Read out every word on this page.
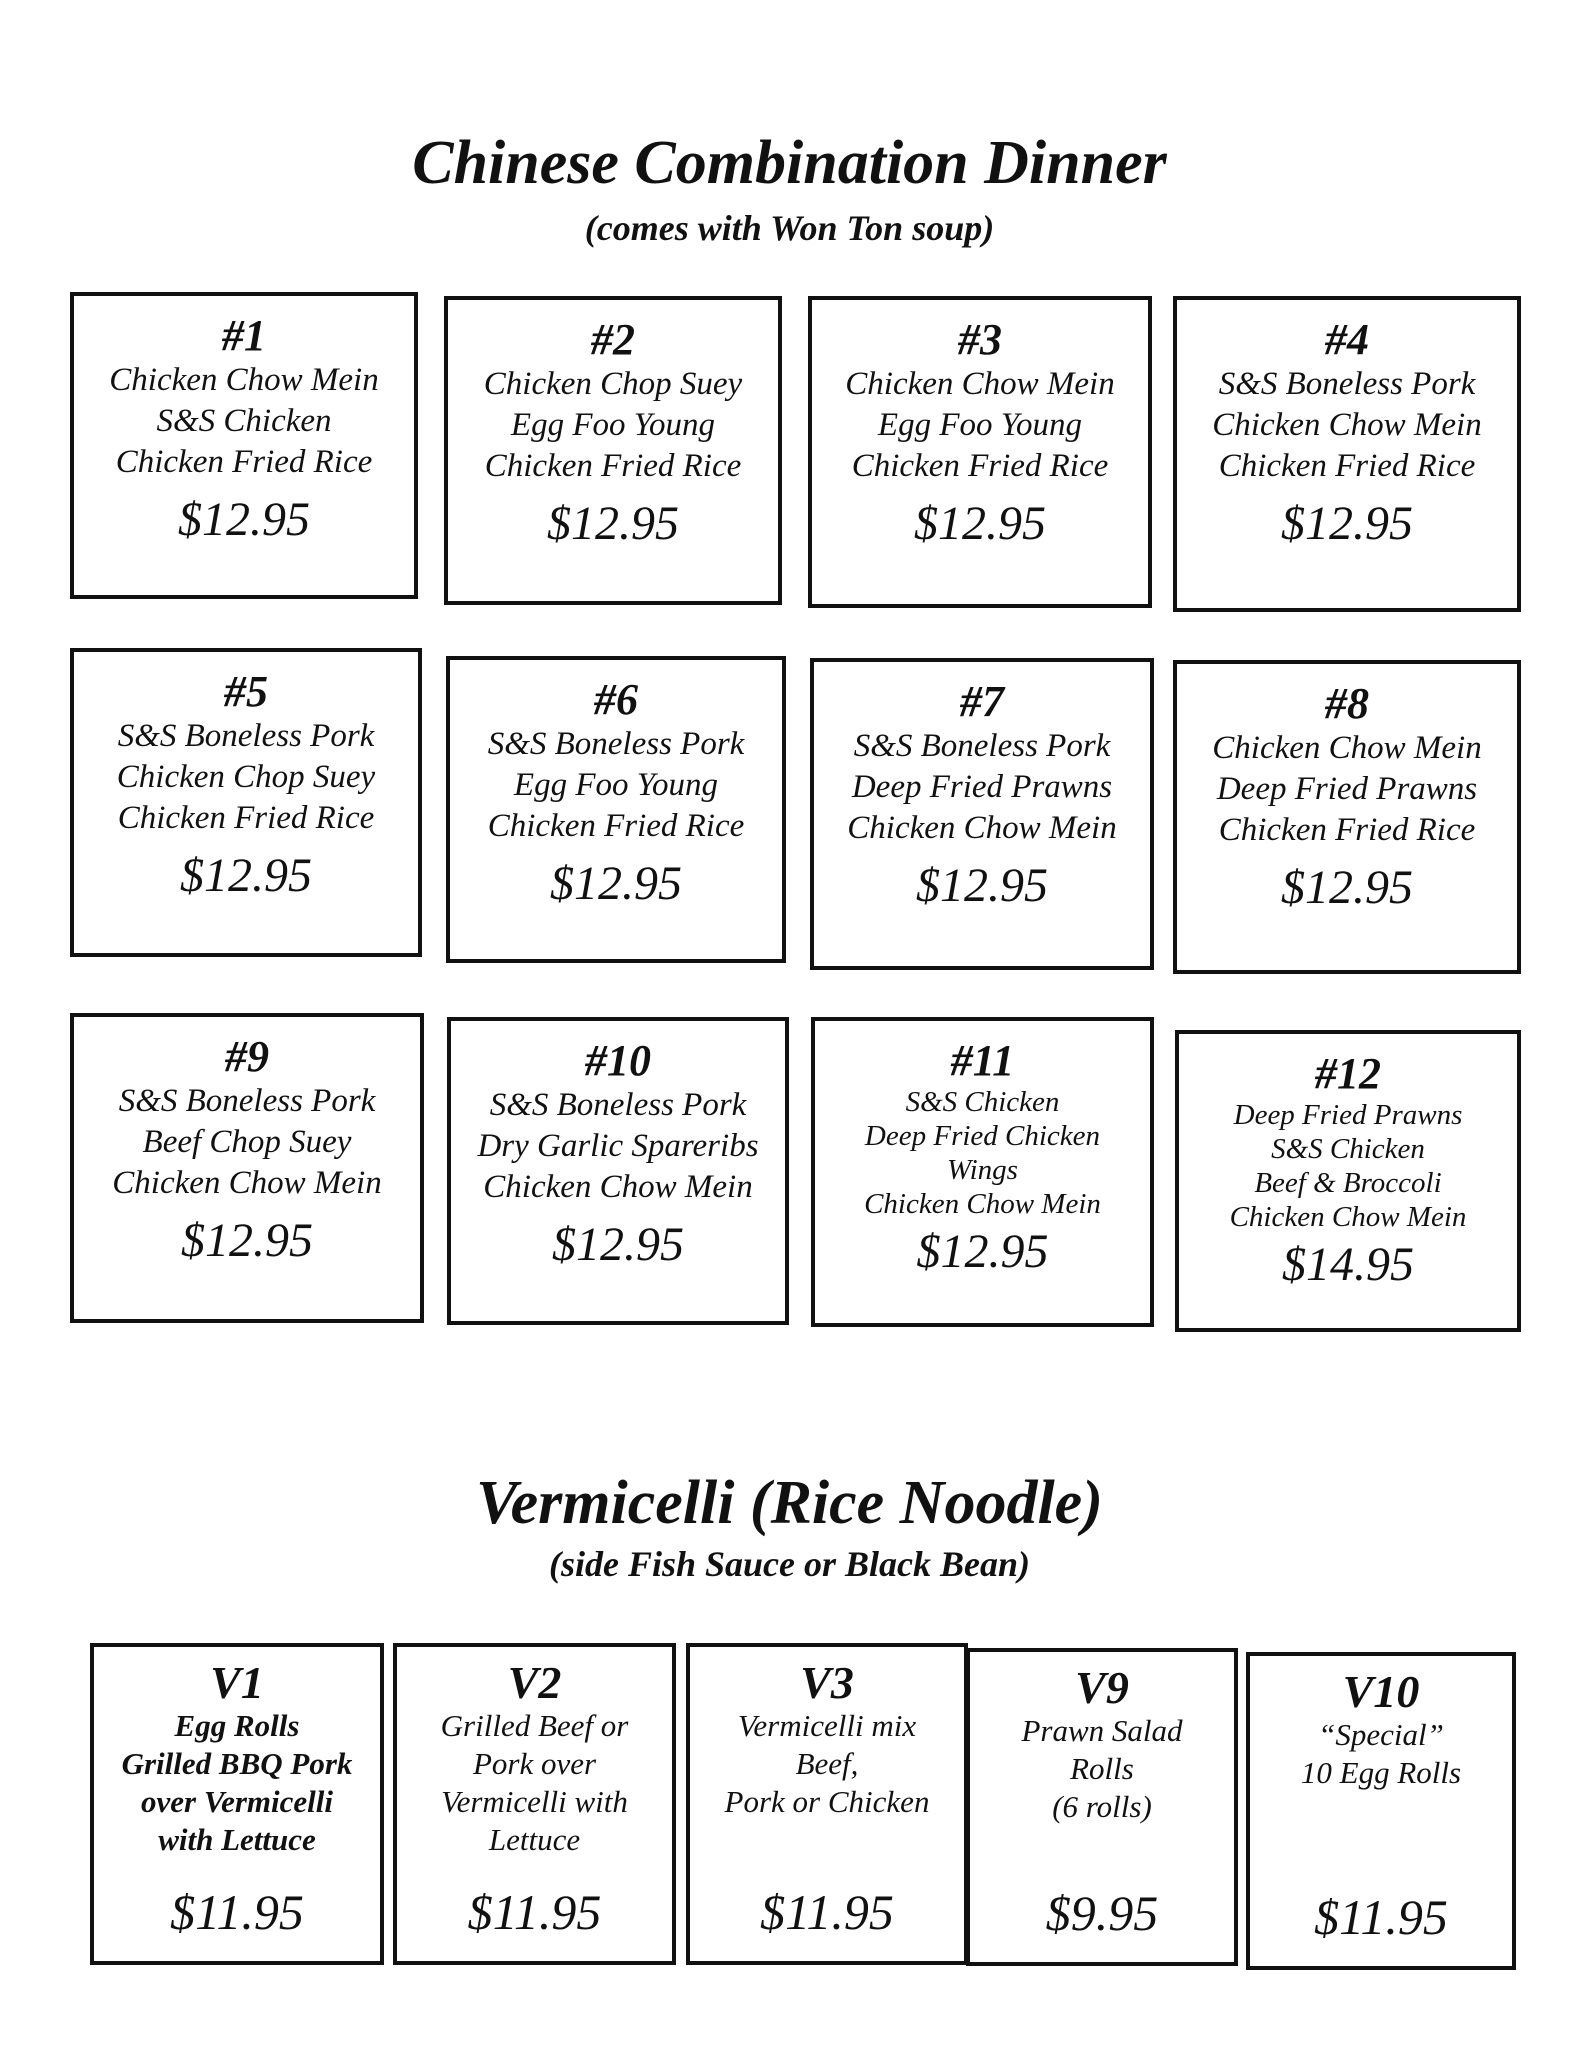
Chinese Combination Dinner
(comes with Won Ton soup)
#1
Chicken Chow Mein
S&S Chicken
Chicken Fried Rice
$12.95
#2
Chicken Chop Suey
Egg Foo Young
Chicken Fried Rice
$12.95
#3
Chicken Chow Mein
Egg Foo Young
Chicken Fried Rice
$12.95
#4
S&S Boneless Pork
Chicken Chow Mein
Chicken Fried Rice
$12.95
#5
S&S Boneless Pork
Chicken Chop Suey
Chicken Fried Rice
$12.95
#6
S&S Boneless Pork
Egg Foo Young
Chicken Fried Rice
$12.95
#7
S&S Boneless Pork
Deep Fried Prawns
Chicken Chow Mein
$12.95
#8
Chicken Chow Mein
Deep Fried Prawns
Chicken Fried Rice
$12.95
#9
S&S Boneless Pork
Beef Chop Suey
Chicken Chow Mein
$12.95
#10
S&S Boneless Pork
Dry Garlic Spareribs
Chicken Chow Mein
$12.95
#11
S&S Chicken
Deep Fried Chicken
Wings
Chicken Chow Mein
$12.95
#12
Deep Fried Prawns
S&S Chicken
Beef & Broccoli
Chicken Chow Mein
$14.95
Vermicelli (Rice Noodle)
(side Fish Sauce or Black Bean)
V1
Egg Rolls
Grilled BBQ Pork
over Vermicelli
with Lettuce
$11.95
V2
Grilled Beef or
Pork over
Vermicelli with
Lettuce
$11.95
V3
Vermicelli mix
Beef,
Pork or Chicken
$11.95
V9
Prawn Salad
Rolls
(6 rolls)
$9.95
V10
“Special”
10 Egg Rolls
$11.95
